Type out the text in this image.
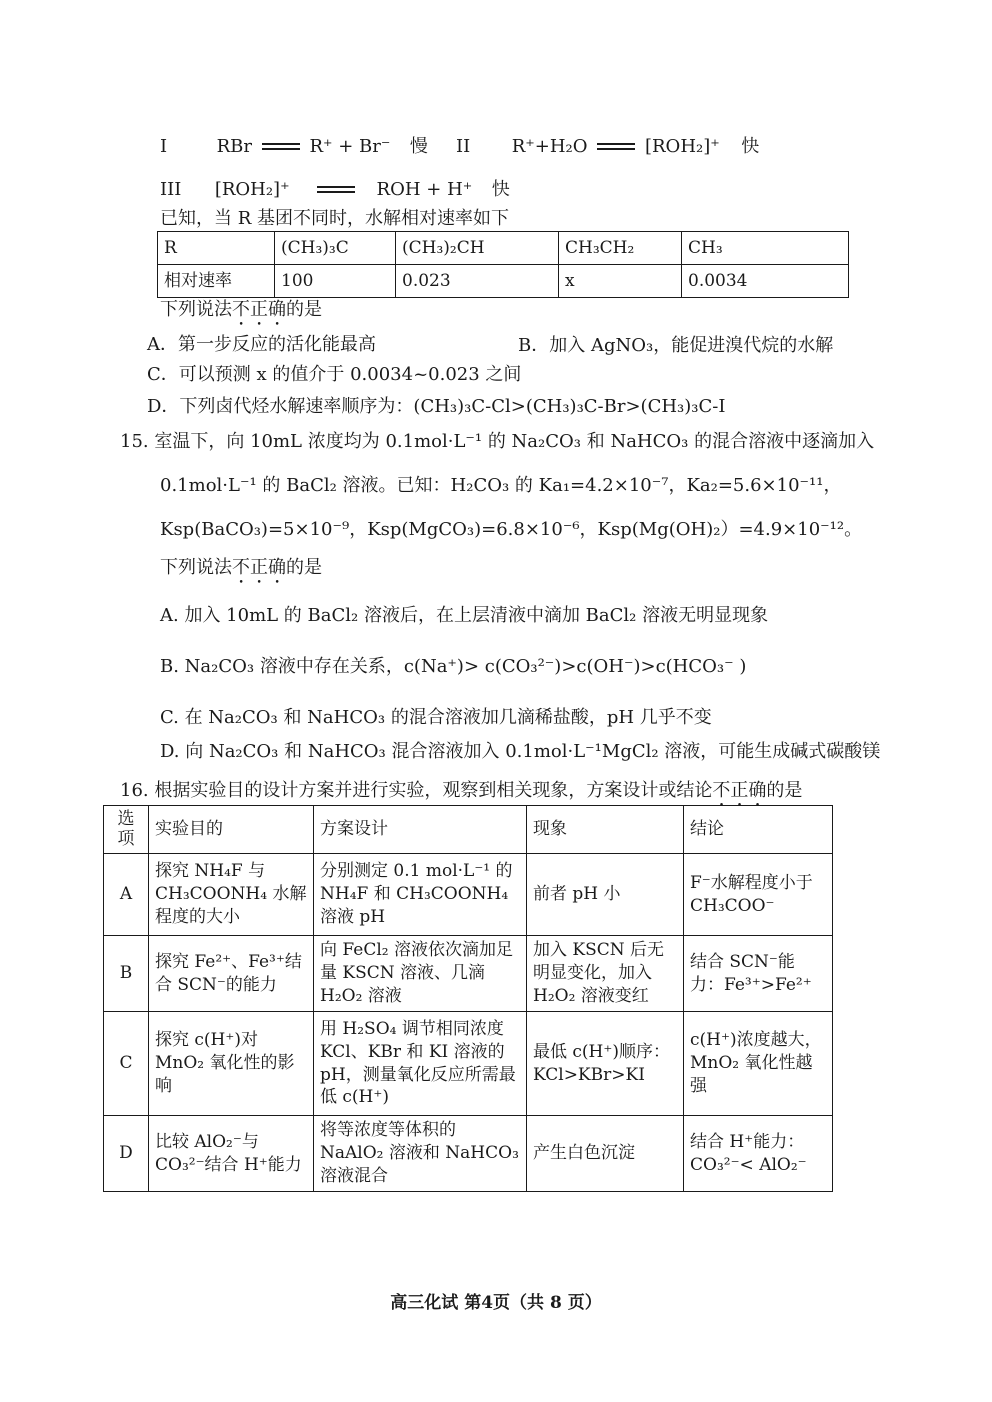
I	RBr	R⁺ + Br⁻ 慢 II R⁺+H₂O	[ROH₂]⁺ 快
III [ROH₂]⁺	ROH + H⁺ 快
已知，当 R 基团不同时，水解相对速率如下
R	(CH₃)₃C	(CH₃)₂CH	CH₃CH₂	CH₃
相对速率	100	0.023	x	0.0034
下列说法不正确的是
A．第一步反应的活化能最高	B．加入 AgNO₃，能促进溴代烷的水解
C．可以预测 x 的值介于 0.0034~0.023 之间
D．下列卤代烃水解速率顺序为：(CH₃)₃C-Cl>(CH₃)₃C-Br>(CH₃)₃C-I
15. 室温下，向 10mL 浓度均为 0.1mol·L⁻¹ 的 Na₂CO₃ 和 NaHCO₃ 的混合溶液中逐滴加入
0.1mol·L⁻¹ 的 BaCl₂ 溶液。已知：H₂CO₃ 的 Ka₁=4.2×10⁻⁷，Ka₂=5.6×10⁻¹¹，
Ksp(BaCO₃)=5×10⁻⁹，Ksp(MgCO₃)=6.8×10⁻⁶，Ksp(Mg(OH)₂）=4.9×10⁻¹²。
下列说法不正确的是
A. 加入 10mL 的 BaCl₂ 溶液后，在上层清液中滴加 BaCl₂ 溶液无明显现象
B. Na₂CO₃ 溶液中存在关系，c(Na⁺)> c(CO₃²⁻)>c(OH⁻)>c(HCO₃⁻ )
C. 在 Na₂CO₃ 和 NaHCO₃ 的混合溶液加几滴稀盐酸，pH 几乎不变
D. 向 Na₂CO₃ 和 NaHCO₃ 混合溶液加入 0.1mol·L⁻¹MgCl₂ 溶液，可能生成碱式碳酸镁
16. 根据实验目的设计方案并进行实验，观察到相关现象，方案设计或结论不正确的是
选项	实验目的	方案设计	现象	结论
A	探究 NH₄F 与 CH₃COONH₄ 水解程度的大小	分别测定 0.1 mol·L⁻¹ 的 NH₄F 和 CH₃COONH₄ 溶液 pH	前者 pH 小	F⁻水解程度小于 CH₃COO⁻
B	探究 Fe²⁺、Fe³⁺结合 SCN⁻的能力	向 FeCl₂ 溶液依次滴加足量 KSCN 溶液、几滴 H₂O₂ 溶液	加入 KSCN 后无明显变化，加入 H₂O₂ 溶液变红	结合 SCN⁻能力：Fe³⁺>Fe²⁺
C	探究 c(H⁺)对 MnO₂ 氧化性的影响	用 H₂SO₄ 调节相同浓度 KCl、KBr 和 KI 溶液的 pH，测量氧化反应所需最低 c(H⁺)	最低 c(H⁺)顺序：KCl>KBr>KI	c(H⁺)浓度越大，MnO₂ 氧化性越强
D	比较 AlO₂⁻与 CO₃²⁻结合 H⁺能力	将等浓度等体积的 NaAlO₂ 溶液和 NaHCO₃ 溶液混合	产生白色沉淀	结合 H⁺能力：CO₃²⁻< AlO₂⁻
高三化试 第4页（共 8 页）
